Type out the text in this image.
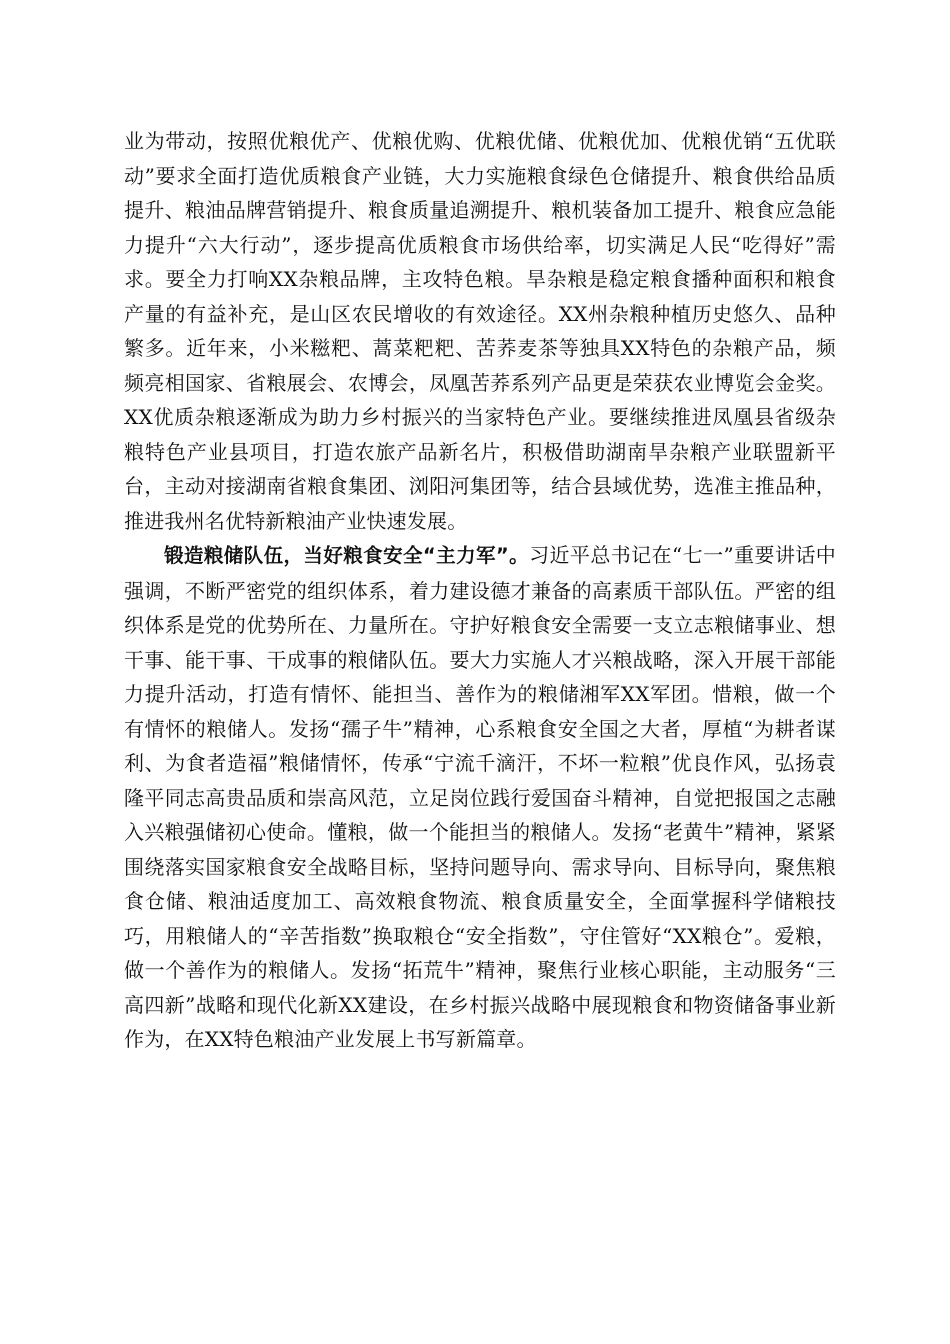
业为带动，按照优粮优产、优粮优购、优粮优储、优粮优加、优粮优销“五优联动”要求全面打造优质粮食产业链，大力实施粮食绿色仓储提升、粮食供给品质提升、粮油品牌营销提升、粮食质量追溯提升、粮机装备加工提升、粮食应急能力提升“六大行动”，逐步提高优质粮食市场供给率，切实满足人民“吃得好”需求。要全力打响XX杂粮品牌，主攻特色粮。旱杂粮是稳定粮食播种面积和粮食产量的有益补充，是山区农民增收的有效途径。XX州杂粮种植历史悠久、品种繁多。近年来，小米糍粑、蒿菜粑粑、苦荞麦茶等独具XX特色的杂粮产品，频频亮相国家、省粮展会、农博会，凤凰苦荞系列产品更是荣获农业博览会金奖。XX优质杂粮逐渐成为助力乡村振兴的当家特色产业。要继续推进凤凰县省级杂粮特色产业县项目，打造农旅产品新名片，积极借助湖南旱杂粮产业联盟新平台，主动对接湖南省粮食集团、浏阳河集团等，结合县域优势，选准主推品种，推进我州名优特新粮油产业快速发展。

锻造粮储队伍，当好粮食安全“主力军”。习近平总书记在“七一”重要讲话中强调，不断严密党的组织体系，着力建设德才兼备的高素质干部队伍。严密的组织体系是党的优势所在、力量所在。守护好粮食安全需要一支立志粮储事业、想干事、能干事、干成事的粮储队伍。要大力实施人才兴粮战略，深入开展干部能力提升活动，打造有情怀、能担当、善作为的粮储湘军XX军团。惜粮，做一个有情怀的粮储人。发扬“孺子牛”精神，心系粮食安全国之大者，厚植“为耕者谋利、为食者造福”粮储情怀，传承“宁流千滴汗，不坏一粒粮”优良作风，弘扬袁隆平同志高贵品质和崇高风范，立足岗位践行爱国奋斗精神，自觉把报国之志融入兴粮强储初心使命。懂粮，做一个能担当的粮储人。发扬“老黄牛”精神，紧紧围绕落实国家粮食安全战略目标，坚持问题导向、需求导向、目标导向，聚焦粮食仓储、粮油适度加工、高效粮食物流、粮食质量安全，全面掌握科学储粮技巧，用粮储人的“辛苦指数”换取粮仓“安全指数”，守住管好“XX粮仓”。爱粮，做一个善作为的粮储人。发扬“拓荒牛”精神，聚焦行业核心职能，主动服务“三高四新”战略和现代化新XX建设，在乡村振兴战略中展现粮食和物资储备事业新作为，在XX特色粮油产业发展上书写新篇章。
